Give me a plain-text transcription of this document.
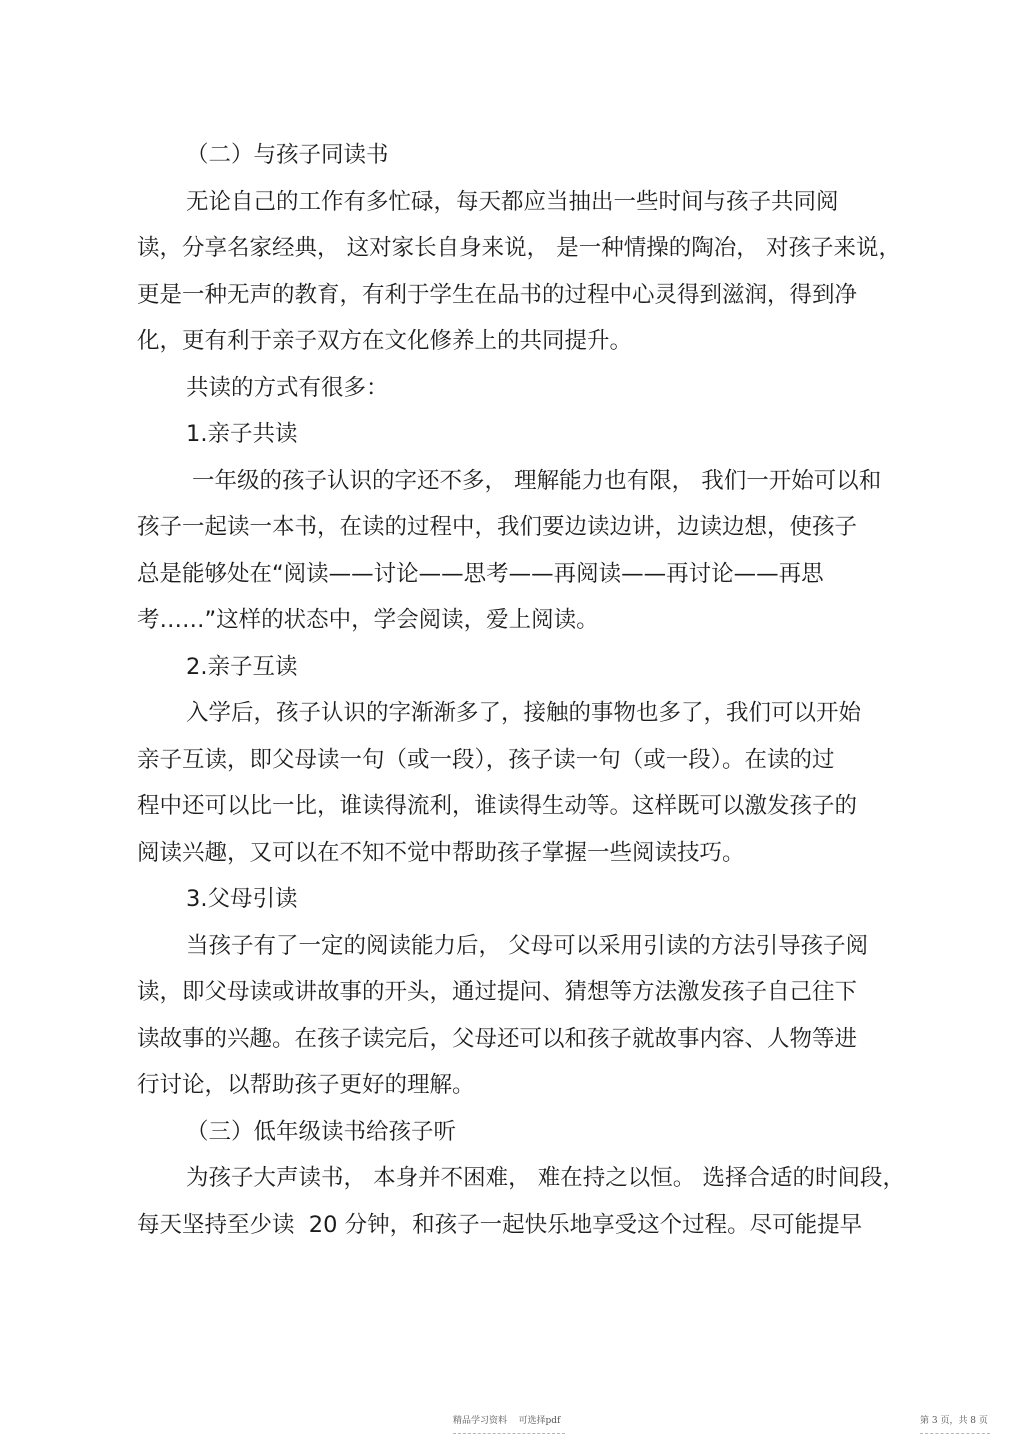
（二）与孩子同读书
无论自己的工作有多忙碌，每天都应当抽出一些时间与孩子共同阅
读，分享名家经典， 这对家长自身来说， 是一种情操的陶冶， 对孩子来说，
更是一种无声的教育，有利于学生在品书的过程中心灵得到滋润，得到净
化，更有利于亲子双方在文化修养上的共同提升。
共读的方式有很多：
1.亲子共读
一年级的孩子认识的字还不多， 理解能力也有限， 我们一开始可以和
孩子一起读一本书，在读的过程中，我们要边读边讲，边读边想，使孩子
总是能够处在“阅读——讨论——思考——再阅读——再讨论——再思
考……”这样的状态中，学会阅读，爱上阅读。
2.亲子互读
入学后，孩子认识的字渐渐多了，接触的事物也多了，我们可以开始
亲子互读，即父母读一句（或一段），孩子读一句（或一段）。在读的过
程中还可以比一比，谁读得流利，谁读得生动等。这样既可以激发孩子的
阅读兴趣，又可以在不知不觉中帮助孩子掌握一些阅读技巧。
3.父母引读
当孩子有了一定的阅读能力后， 父母可以采用引读的方法引导孩子阅
读，即父母读或讲故事的开头，通过提问、猜想等方法激发孩子自己往下
读故事的兴趣。在孩子读完后，父母还可以和孩子就故事内容、人物等进
行讨论，以帮助孩子更好的理解。
（三）低年级读书给孩子听
为孩子大声读书， 本身并不困难， 难在持之以恒。 选择合适的时间段，
每天坚持至少读  20 分钟，和孩子一起快乐地享受这个过程。尽可能提早
精品学习资料    可选择pdf	第 3 页，共 8 页
